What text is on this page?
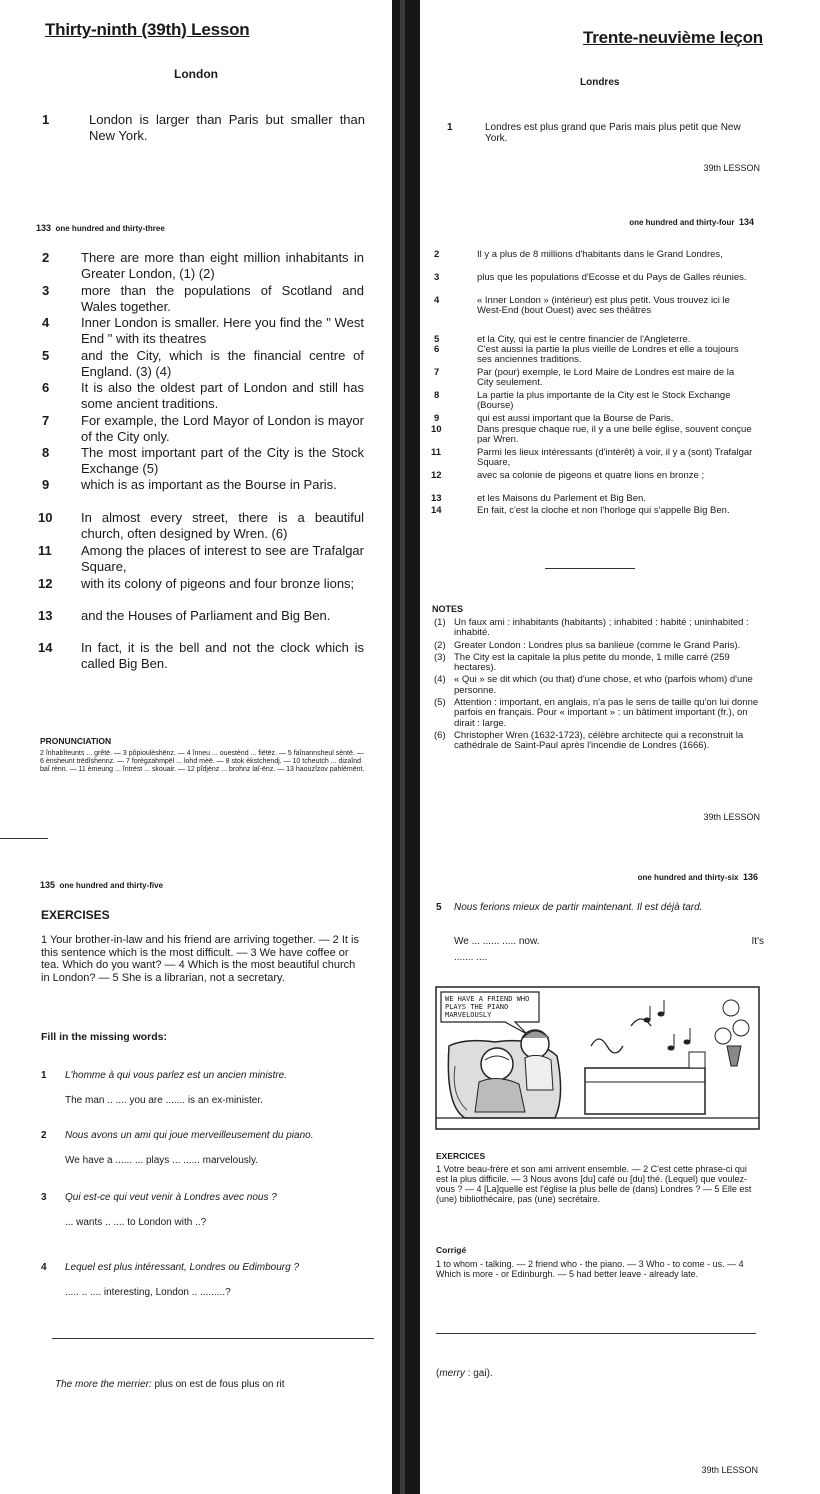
Thirty-ninth (39th) Lesson
London
1	London is larger than Paris but smaller than New York.
133 one hundred and thirty-three
2 There are more than eight million inhabitants in Greater London, (1) (2)
3 more than the populations of Scotland and Wales together.
4 Inner London is smaller. Here you find the " West End " with its theatres
5 and the City, which is the financial centre of England. (3) (4)
6 It is also the oldest part of London and still has some ancient traditions.
7 For example, the Lord Mayor of London is mayor of the City only.
8 The most important part of the City is the Stock Exchange (5)
9 which is as important as the Bourse in Paris.
10 In almost every street, there is a beautiful church, often designed by Wren. (6)
11 Among the places of interest to see are Trafalgar Square,
12 with its colony of pigeons and four bronze lions;
13 and the Houses of Parliament and Big Ben.
14 In fact, it is the bell and not the clock which is called Big Ben.
PRONUNCIATION
2 înhabîteunts ... grêtë. — 3 pôpioulèshënz. — 4 înneu ... ouestènd ... fiëtëz. — 5 faînannsheul sèntë. — 6 ènsheunt trëdîshennz. — 7 forègzahmpël ... lohd mèë. — 8 stok èkstchendj. — 10 tcheutch ... dizaînd baî rènn. — 11 èmeung ... întrëst ... skouair. — 12 pîdjènz ... brohnz laî-ënz. — 13 haouzîzov pahlëmënt.
135 one hundred and thirty-five
EXERCISES
1 Your brother-in-law and his friend are arriving together. — 2 It is this sentence which is the most difficult. — 3 We have coffee or tea. Which do you want? — 4 Which is the most beautiful church in London? — 5 She is a librarian, not a secretary.
Fill in the missing words:
1 L'homme à qui vous parlez est un ancien ministre.
The man .. .... you are ....... is an ex-minister.
2 Nous avons un ami qui joue merveilleusement du piano.
We have a ...... ... plays ... ...... marvelously.
3 Qui est-ce qui veut venir à Londres avec nous ?
... wants .. .... to London with ..?
4 Lequel est plus intéressant, Londres ou Edimbourg ?
..... .. .... interesting, London .. .........?
The more the merrier: plus on est de fous plus on rit
Trente-neuvième leçon
Londres
1	Londres est plus grand que Paris mais plus petit que New York.
39th LESSON
one hundred and thirty-four 134
2	Il y a plus de 8 millions d'habitants dans le Grand Londres,
3	plus que les populations d'Ecosse et du Pays de Galles réunies.
4	« Inner London » (intérieur) est plus petit. Vous trouvez ici le West-End (bout Ouest) avec ses théâtres
5	et la City, qui est le centre financier de l'Angleterre.
6	C'est aussi la partie la plus vieille de Londres et elle a toujours ses anciennes traditions.
7	Par (pour) exemple, le Lord Maire de Londres est maire de la City seulement.
8	La partie la plus importante de la City est le Stock Exchange (Bourse)
9	qui est aussi important que la Bourse de Paris.
10	Dans presque chaque rue, il y a une belle église, souvent conçue par Wren.
11	Parmi les lieux intéressants (d'intérêt) à voir, il y a (sont) Trafalgar Square,
12	avec sa colonie de pigeons et quatre lions en bronze ;
13	et les Maisons du Parlement et Big Ben.
14	En fait, c'est la cloche et non l'horloge qui s'appelle Big Ben.
NOTES
(1) Un faux ami : inhabitants (habitants) ; inhabited : habité ; uninhabited : inhabité.
(2) Greater London : Londres plus sa banlieue (comme le Grand Paris).
(3) The City est la capitale la plus petite du monde, 1 mille carré (259 hectares).
(4) « Qui » se dit which (ou that) d'une chose, et who (parfois whom) d'une personne.
(5) Attention : important, en anglais, n'a pas le sens de taille qu'on lui donne parfois en français. Pour « important » : un bâtiment important (fr.), on dirait : large.
(6) Christopher Wren (1632-1723), célèbre architecte qui a reconstruit la cathédrale de Saint-Paul après l'incendie de Londres (1666).
39th LESSON
one hundred and thirty-six 136
5 Nous ferions mieux de partir maintenant. Il est déjà tard.
We ... ...... ..... now.	It's
....... ....
WE HAVE A FRIEND WHO PLAYS THE PIANO MARVELOUSLY
EXERCICES
1 Votre beau-frère et son ami arrivent ensemble. — 2 C'est cette phrase-ci qui est la plus difficile. — 3 Nous avons [du] café ou [du] thé. (Lequel) que voulez-vous ? — 4 [La]quelle est l'église la plus belle de (dans) Londres ? — 5 Elle est (une) bibliothécaire, pas (une) secrétaire.
Corrigé
1 to whom - talking. — 2 friend who - the piano. — 3 Who - to come - us. — 4 Which is more - or Edinburgh. — 5 had better leave - already late.
(merry : gai).
39th LESSON
